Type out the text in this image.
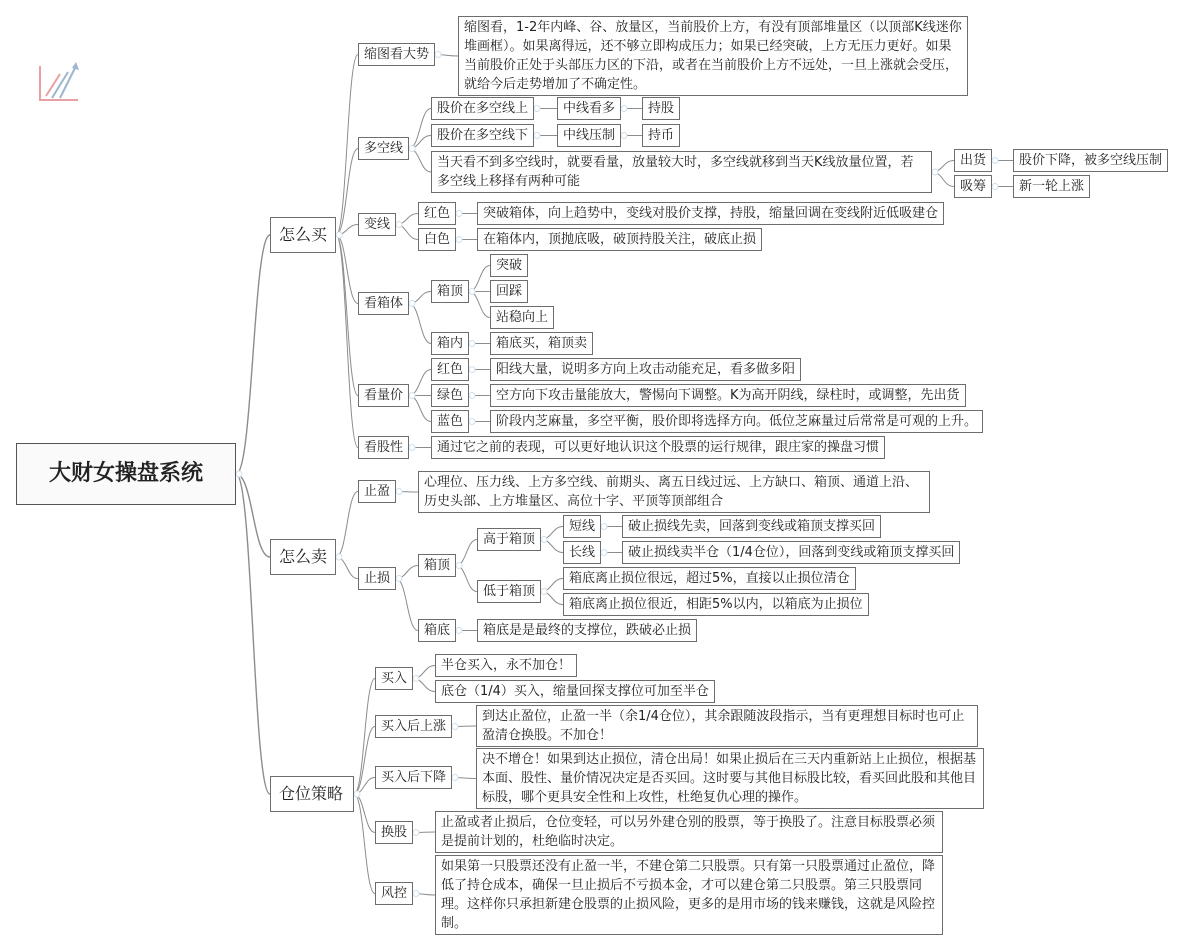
大财女操盘系统
怎么买
缩图看大势
缩图看，1-2年内峰、谷、放量区，当前股价上方，有没有顶部堆量区（以顶部K线迷你堆画框）。如果离得远，还不够立即构成压力；如果已经突破，上方无压力更好。如果当前股价正处于头部压力区的下沿，或者在当前股价上方不远处，一旦上涨就会受压，就给今后走势增加了不确定性。
多空线
股价在多空线上	中线看多	持股
股价在多空线下	中线压制	持币
当天看不到多空线时，就要看量，放量较大时，多空线就移到当天K线放量位置，若多空线上移择有两种可能
出货	股价下降，被多空线压制
吸筹	新一轮上涨
变线
红色	突破箱体，向上趋势中，变线对股价支撑，持股，缩量回调在变线附近低吸建仓
白色	在箱体内，顶抛底吸，破顶持股关注，破底止损
看箱体
箱顶
突破
回踩
站稳向上
箱内	箱底买，箱顶卖
看量价
红色	阳线大量，说明多方向上攻击动能充足，看多做多阳
绿色	空方向下攻击量能放大，警惕向下调整。K为高开阴线，绿柱时，或调整，先出货
蓝色	阶段内芝麻量，多空平衡，股价即将选择方向。低位芝麻量过后常常是可观的上升。
看股性	通过它之前的表现，可以更好地认识这个股票的运行规律，跟庄家的操盘习惯
怎么卖
止盈
心理位、压力线、上方多空线、前期头、离五日线过远、上方缺口、箱顶、通道上沿、历史头部、上方堆量区、高位十字、平顶等顶部组合
止损
箱顶
高于箱顶
短线	破止损线先卖，回落到变线或箱顶支撑买回
长线	破止损线卖半仓（1/4仓位），回落到变线或箱顶支撑买回
低于箱顶
箱底离止损位很远，超过5%，直接以止损位清仓
箱底离止损位很近，相距5%以内，以箱底为止损位
箱底	箱底是是最终的支撑位，跌破必止损
仓位策略
买入
半仓买入，永不加仓！
底仓（1/4）买入，缩量回探支撑位可加至半仓
买入后上涨
到达止盈位，止盈一半（余1/4仓位），其余跟随波段指示，当有更理想目标时也可止盈清仓换股。不加仓！
买入后下降
决不增仓！如果到达止损位，清仓出局！如果止损后在三天内重新站上止损位，根据基本面、股性、量价情况决定是否买回。这时要与其他目标股比较，看买回此股和其他目标股，哪个更具安全性和上攻性，杜绝复仇心理的操作。
换股
止盈或者止损后，仓位变轻，可以另外建仓别的股票，等于换股了。注意目标股票必须是提前计划的，杜绝临时决定。
风控
如果第一只股票还没有止盈一半，不建仓第二只股票。只有第一只股票通过止盈位，降低了持仓成本，确保一旦止损后不亏损本金，才可以建仓第二只股票。第三只股票同理。这样你只承担新建仓股票的止损风险，更多的是用市场的钱来赚钱，这就是风险控制。
